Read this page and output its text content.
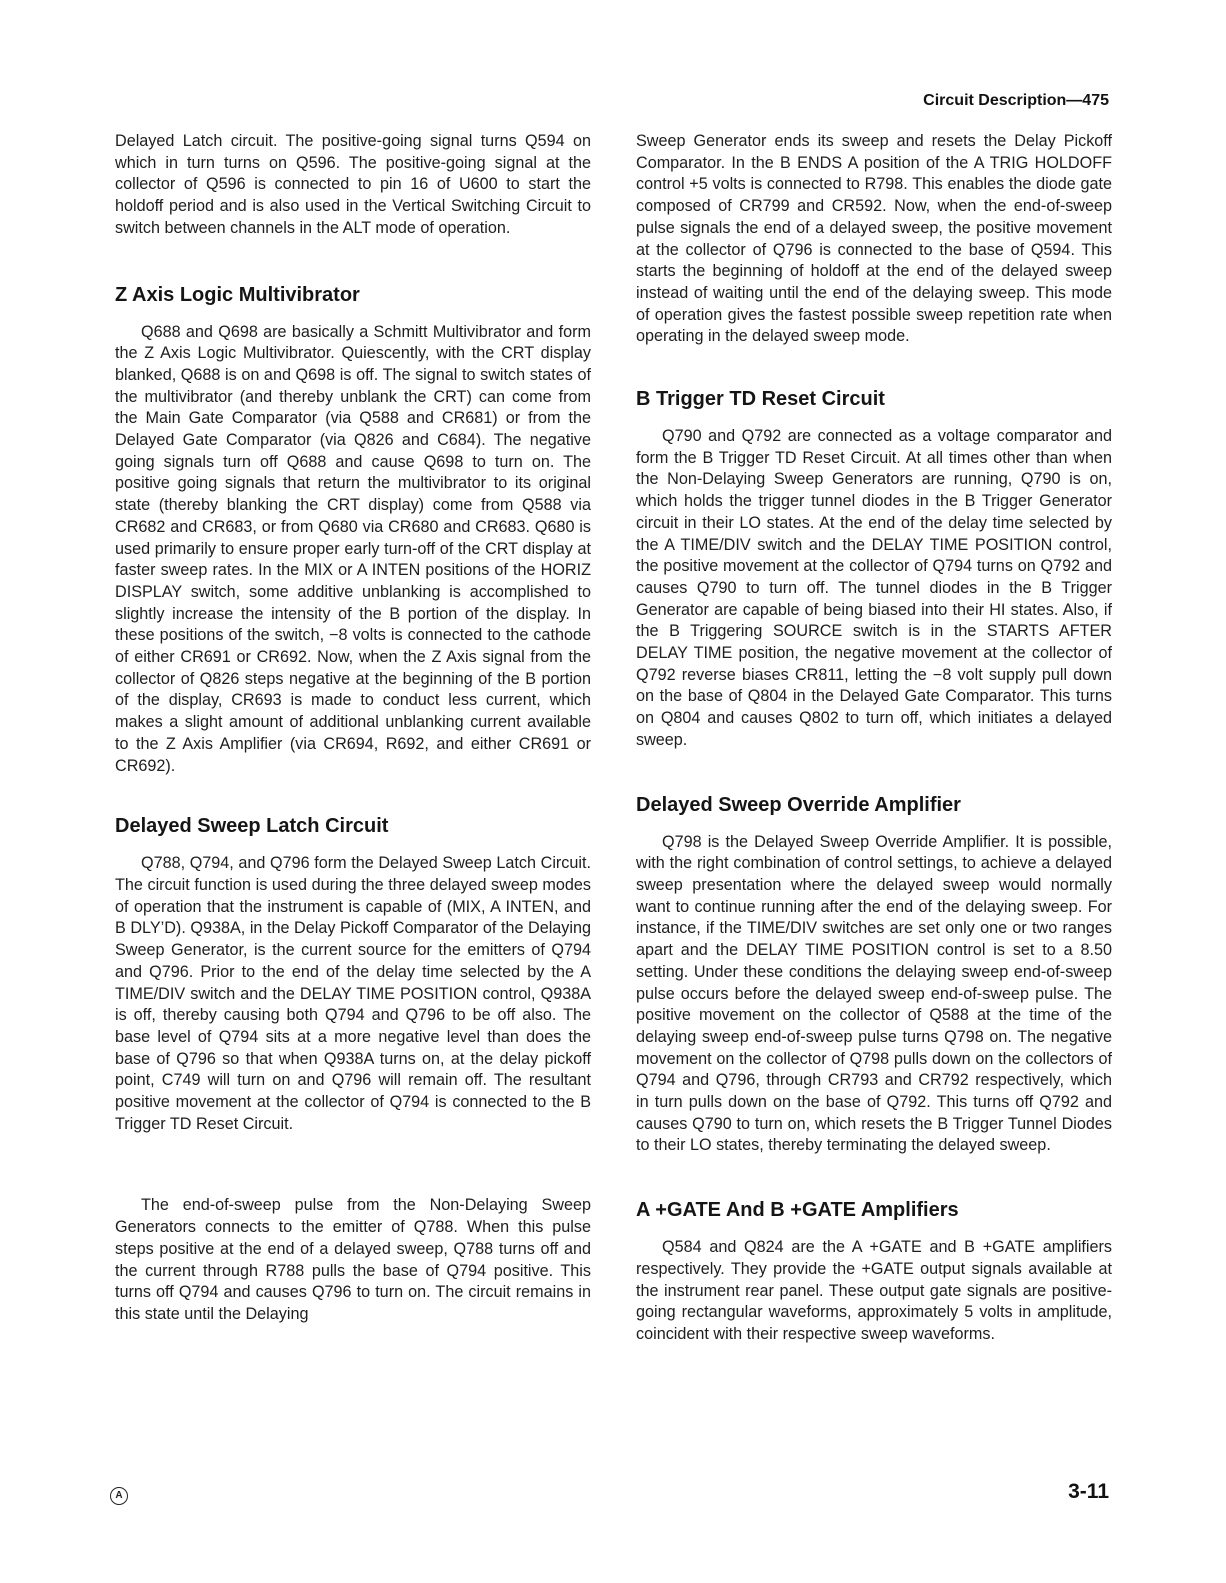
Circuit Description—475

Delayed Latch circuit. The positive-going signal turns Q594 on which in turn turns on Q596. The positive-going signal at the collector of Q596 is connected to pin 16 of U600 to start the holdoff period and is also used in the Vertical Switching Circuit to switch between channels in the ALT mode of operation.

Z Axis Logic Multivibrator

Q688 and Q698 are basically a Schmitt Multivibrator and form the Z Axis Logic Multivibrator. Quiescently, with the CRT display blanked, Q688 is on and Q698 is off. The signal to switch states of the multivibrator (and thereby unblank the CRT) can come from the Main Gate Comparator (via Q588 and CR681) or from the Delayed Gate Comparator (via Q826 and C684). The negative going signals turn off Q688 and cause Q698 to turn on. The positive going signals that return the multivibrator to its original state (thereby blanking the CRT display) come from Q588 via CR682 and CR683, or from Q680 via CR680 and CR683. Q680 is used primarily to ensure proper early turn-off of the CRT display at faster sweep rates. In the MIX or A INTEN positions of the HORIZ DISPLAY switch, some additive unblanking is accomplished to slightly increase the intensity of the B portion of the display. In these positions of the switch, −8 volts is connected to the cathode of either CR691 or CR692. Now, when the Z Axis signal from the collector of Q826 steps negative at the beginning of the B portion of the display, CR693 is made to conduct less current, which makes a slight amount of additional unblanking current available to the Z Axis Amplifier (via CR694, R692, and either CR691 or CR692).

Delayed Sweep Latch Circuit

Q788, Q794, and Q796 form the Delayed Sweep Latch Circuit. The circuit function is used during the three delayed sweep modes of operation that the instrument is capable of (MIX, A INTEN, and B DLY’D). Q938A, in the Delay Pickoff Comparator of the Delaying Sweep Generator, is the current source for the emitters of Q794 and Q796. Prior to the end of the delay time selected by the A TIME/DIV switch and the DELAY TIME POSITION control, Q938A is off, thereby causing both Q794 and Q796 to be off also. The base level of Q794 sits at a more negative level than does the base of Q796 so that when Q938A turns on, at the delay pickoff point, C749 will turn on and Q796 will remain off. The resultant positive movement at the collector of Q794 is connected to the B Trigger TD Reset Circuit.

The end-of-sweep pulse from the Non-Delaying Sweep Generators connects to the emitter of Q788. When this pulse steps positive at the end of a delayed sweep, Q788 turns off and the current through R788 pulls the base of Q794 positive. This turns off Q794 and causes Q796 to turn on. The circuit remains in this state until the Delaying

Sweep Generator ends its sweep and resets the Delay Pickoff Comparator. In the B ENDS A position of the A TRIG HOLDOFF control +5 volts is connected to R798. This enables the diode gate composed of CR799 and CR592. Now, when the end-of-sweep pulse signals the end of a delayed sweep, the positive movement at the collector of Q796 is connected to the base of Q594. This starts the beginning of holdoff at the end of the delayed sweep instead of waiting until the end of the delaying sweep. This mode of operation gives the fastest possible sweep repetition rate when operating in the delayed sweep mode.

B Trigger TD Reset Circuit

Q790 and Q792 are connected as a voltage comparator and form the B Trigger TD Reset Circuit. At all times other than when the Non-Delaying Sweep Generators are running, Q790 is on, which holds the trigger tunnel diodes in the B Trigger Generator circuit in their LO states. At the end of the delay time selected by the A TIME/DIV switch and the DELAY TIME POSITION control, the positive movement at the collector of Q794 turns on Q792 and causes Q790 to turn off. The tunnel diodes in the B Trigger Generator are capable of being biased into their HI states. Also, if the B Triggering SOURCE switch is in the STARTS AFTER DELAY TIME position, the negative movement at the collector of Q792 reverse biases CR811, letting the −8 volt supply pull down on the base of Q804 in the Delayed Gate Comparator. This turns on Q804 and causes Q802 to turn off, which initiates a delayed sweep.

Delayed Sweep Override Amplifier

Q798 is the Delayed Sweep Override Amplifier. It is possible, with the right combination of control settings, to achieve a delayed sweep presentation where the delayed sweep would normally want to continue running after the end of the delaying sweep. For instance, if the TIME/DIV switches are set only one or two ranges apart and the DELAY TIME POSITION control is set to a 8.50 setting. Under these conditions the delaying sweep end-of-sweep pulse occurs before the delayed sweep end-of-sweep pulse. The positive movement on the collector of Q588 at the time of the delaying sweep end-of-sweep pulse turns Q798 on. The negative movement on the collector of Q798 pulls down on the collectors of Q794 and Q796, through CR793 and CR792 respectively, which in turn pulls down on the base of Q792. This turns off Q792 and causes Q790 to turn on, which resets the B Trigger Tunnel Diodes to their LO states, thereby terminating the delayed sweep.

A +GATE And B +GATE Amplifiers

Q584 and Q824 are the A +GATE and B +GATE amplifiers respectively. They provide the +GATE output signals available at the instrument rear panel. These output gate signals are positive-going rectangular waveforms, approximately 5 volts in amplitude, coincident with their respective sweep waveforms.

A	3-11
